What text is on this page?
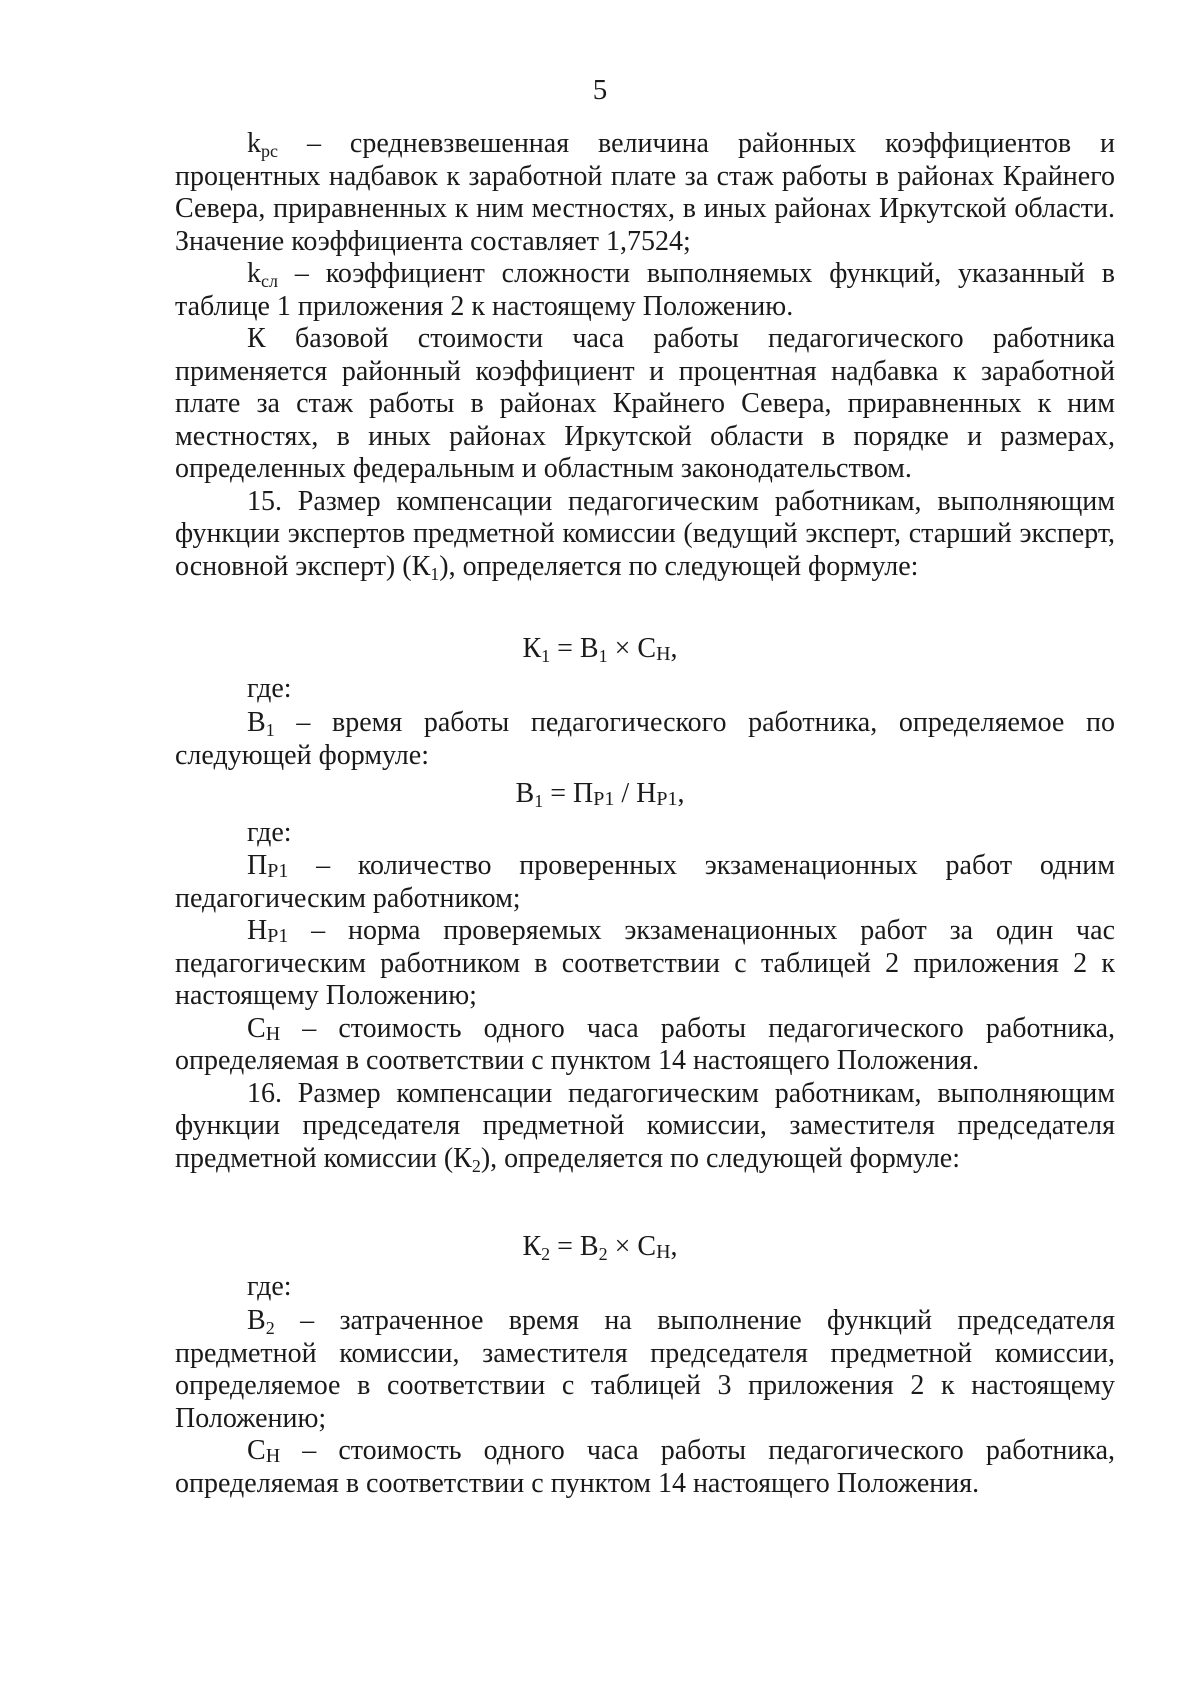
5

$k_{рс}$ – средневзвешенная величина районных коэффициентов и процентных надбавок к заработной плате за стаж работы в районах Крайнего Севера, приравненных к ним местностях, в иных районах Иркутской области. Значение коэффициента составляет 1,7524;

$k_{сл}$ – коэффициент сложности выполняемых функций, указанный в таблице 1 приложения 2 к настоящему Положению.

К базовой стоимости часа работы педагогического работника применяется районный коэффициент и процентная надбавка к заработной плате за стаж работы в районах Крайнего Севера, приравненных к ним местностях, в иных районах Иркутской области в порядке и размерах, определенных федеральным и областным законодательством.

15. Размер компенсации педагогическим работникам, выполняющим функции экспертов предметной комиссии (ведущий эксперт, старший эксперт, основной эксперт) $(К_1)$, определяется по следующей формуле:

$К_1 = В_1 \times С_Н$,

где:

$В_1$ – время работы педагогического работника, определяемое по следующей формуле:

$В_1 = П_{Р1} / Н_{Р1}$,

где:

$П_{Р1}$ – количество проверенных экзаменационных работ одним педагогическим работником;

$Н_{Р1}$ – норма проверяемых экзаменационных работ за один час педагогическим работником в соответствии с таблицей 2 приложения 2 к настоящему Положению;

$С_Н$ – стоимость одного часа работы педагогического работника, определяемая в соответствии с пунктом 14 настоящего Положения.

16. Размер компенсации педагогическим работникам, выполняющим функции председателя предметной комиссии, заместителя председателя предметной комиссии $(К_2)$, определяется по следующей формуле:

$К_2 = В_2 \times С_Н$,

где:

$В_2$ – затраченное время на выполнение функций председателя предметной комиссии, заместителя председателя предметной комиссии, определяемое в соответствии с таблицей 3 приложения 2 к настоящему Положению;

$С_Н$ – стоимость одного часа работы педагогического работника, определяемая в соответствии с пунктом 14 настоящего Положения.
